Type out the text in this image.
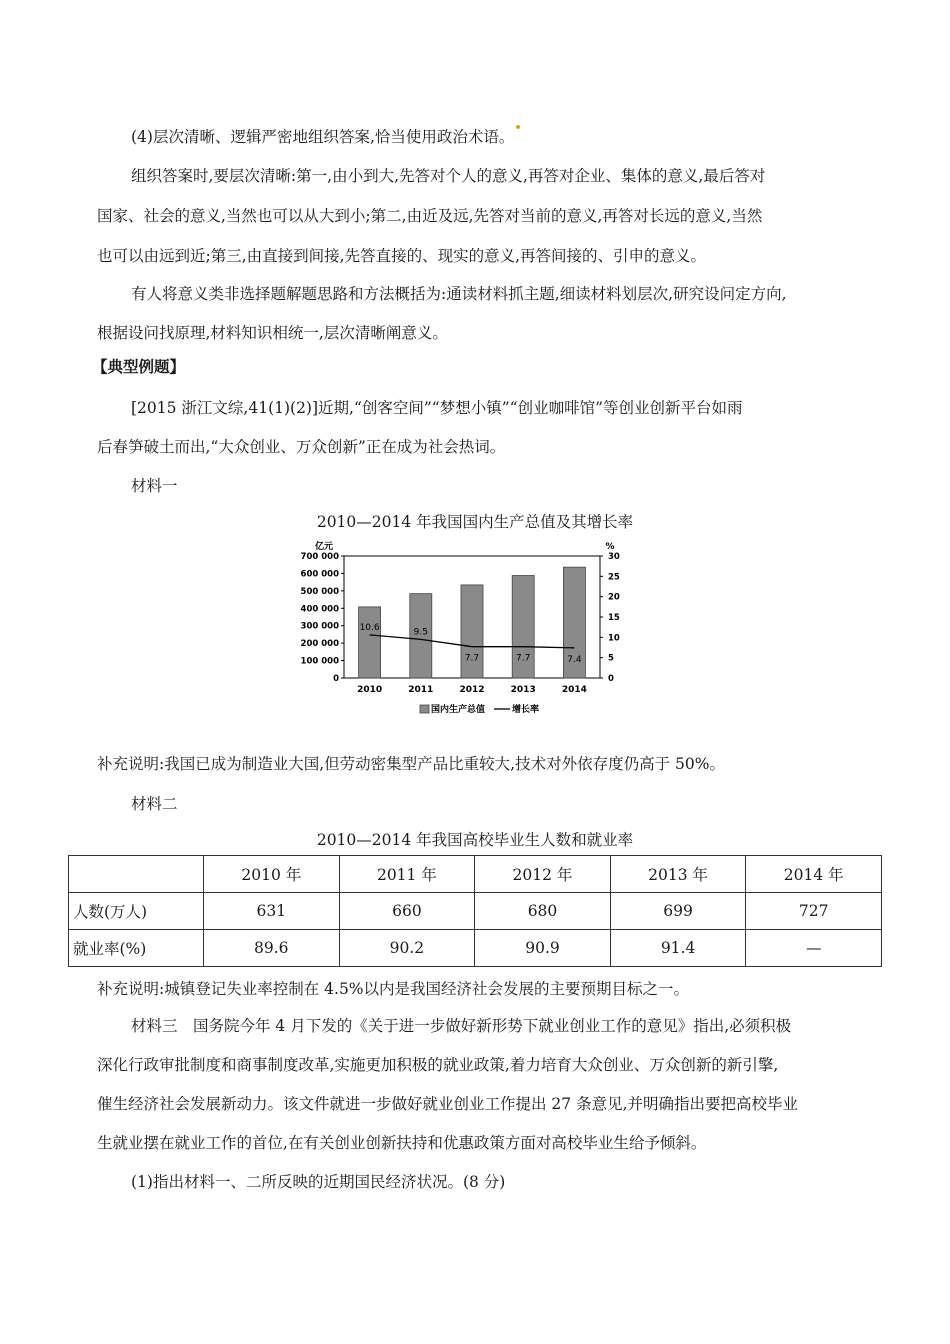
(4)层次清晰、逻辑严密地组织答案,恰当使用政治术语。
组织答案时,要层次清晰:第一,由小到大,先答对个人的意义,再答对企业、集体的意义,最后答对
国家、社会的意义,当然也可以从大到小;第二,由近及远,先答对当前的意义,再答对长远的意义,当然
也可以由远到近;第三,由直接到间接,先答直接的、现实的意义,再答间接的、引申的意义。
有人将意义类非选择题解题思路和方法概括为:通读材料抓主题,细读材料划层次,研究设问定方向,
根据设问找原理,材料知识相统一,层次清晰阐意义。
【典型例题】
[2015 浙江文综,41(1)(2)]近期,“创客空间”“梦想小镇”“创业咖啡馆”等创业创新平台如雨
后春笋破土而出,“大众创业、万众创新”正在成为社会热词。
材料一
2010—2014 年我国国内生产总值及其增长率
0
100 000
200 000
300 000
400 000
500 000
600 000
700 000
0
5
10
15
20
25
30
亿元	%
2010	2011	2012	2013	2014
10.6	9.5
7.7	7.7	7.4
国内生产总值	增长率
补充说明:我国已成为制造业大国,但劳动密集型产品比重较大,技术对外依存度仍高于 50%。
材料二
2010—2014 年我国高校毕业生人数和就业率
	2010 年	2011 年	2012 年	2013 年	2014 年
人数(万人)	631	660	680	699	727
就业率(%)	89.6	90.2	90.9	91.4	—
补充说明:城镇登记失业率控制在 4.5%以内是我国经济社会发展的主要预期目标之一。
材料三　国务院今年 4 月下发的《关于进一步做好新形势下就业创业工作的意见》指出,必须积极
深化行政审批制度和商事制度改革,实施更加积极的就业政策,着力培育大众创业、万众创新的新引擎,
催生经济社会发展新动力。该文件就进一步做好就业创业工作提出 27 条意见,并明确指出要把高校毕业
生就业摆在就业工作的首位,在有关创业创新扶持和优惠政策方面对高校毕业生给予倾斜。
(1)指出材料一、二所反映的近期国民经济状况。(8 分)
